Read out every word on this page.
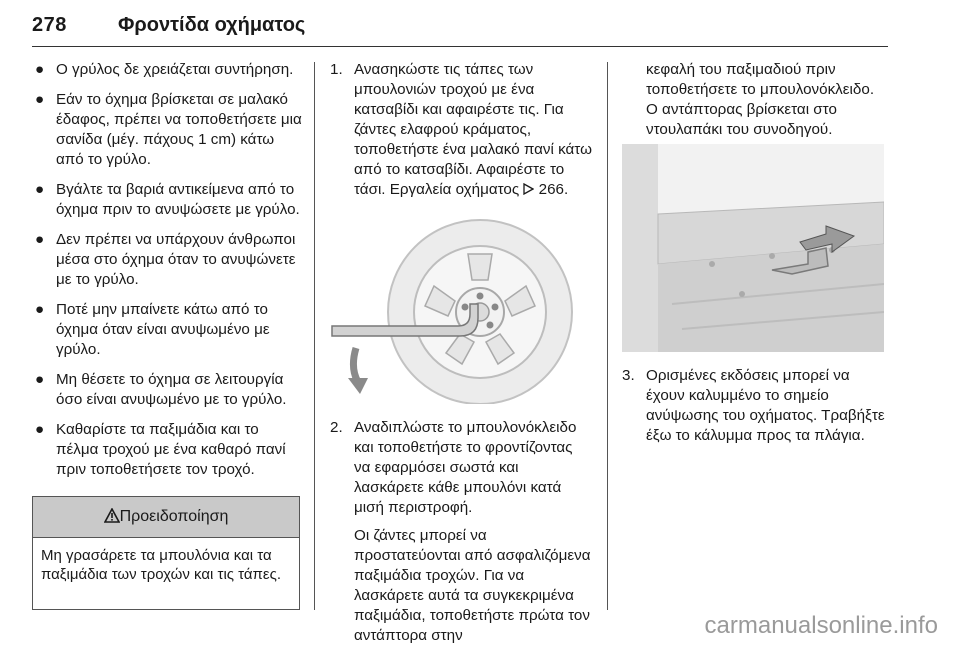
278	Φροντίδα οχήματος
● Ο γρύλος δε χρειάζεται συντήρηση.
● Εάν το όχημα βρίσκεται σε μαλακό έδαφος, πρέπει να τοποθετήσετε μια σανίδα (μέγ. πάχους 1 cm) κάτω από το γρύλο.
● Βγάλτε τα βαριά αντικείμενα από το όχημα πριν το ανυψώσετε με γρύλο.
● Δεν πρέπει να υπάρχουν άνθρωποι μέσα στο όχημα όταν το ανυψώνετε με το γρύλο.
● Ποτέ μην μπαίνετε κάτω από το όχημα όταν είναι ανυψωμένο με γρύλο.
● Μη θέσετε το όχημα σε λειτουργία όσο είναι ανυψωμένο με το γρύλο.
● Καθαρίστε τα παξιμάδια και το πέλμα τροχού με ένα καθαρό πανί πριν τοποθετήσετε τον τροχό.
Προειδοποίηση
Μη γρασάρετε τα μπουλόνια και τα παξιμάδια των τροχών και τις τάπες.
1. Ανασηκώστε τις τάπες των μπουλονιών τροχού με ένα κατσαβίδι και αφαιρέστε τις. Για ζάντες ελαφρού κράματος, τοποθετήστε ένα μαλακό πανί κάτω από το κατσαβίδι. Αφαιρέστε το τάσι. Εργαλεία οχήματος 266.
2. Αναδιπλώστε το μπουλονόκλειδο και τοποθετήστε το φροντίζοντας να εφαρμόσει σωστά και λασκάρετε κάθε μπουλόνι κατά μισή περιστροφή.
Οι ζάντες μπορεί να προστατεύονται από ασφαλιζόμενα παξιμάδια τροχών. Για να λασκάρετε αυτά τα συγκεκριμένα παξιμάδια, τοποθετήστε πρώτα τον αντάπτορα στην
κεφαλή του παξιμαδιού πριν τοποθετήσετε το μπουλονόκλειδο. Ο αντάπτορας βρίσκεται στο ντουλαπάκι του συνοδηγού.
3. Ορισμένες εκδόσεις μπορεί να έχουν καλυμμένο το σημείο ανύψωσης του οχήματος. Τραβήξτε έξω το κάλυμμα προς τα πλάγια.
carmanualsonline.info
